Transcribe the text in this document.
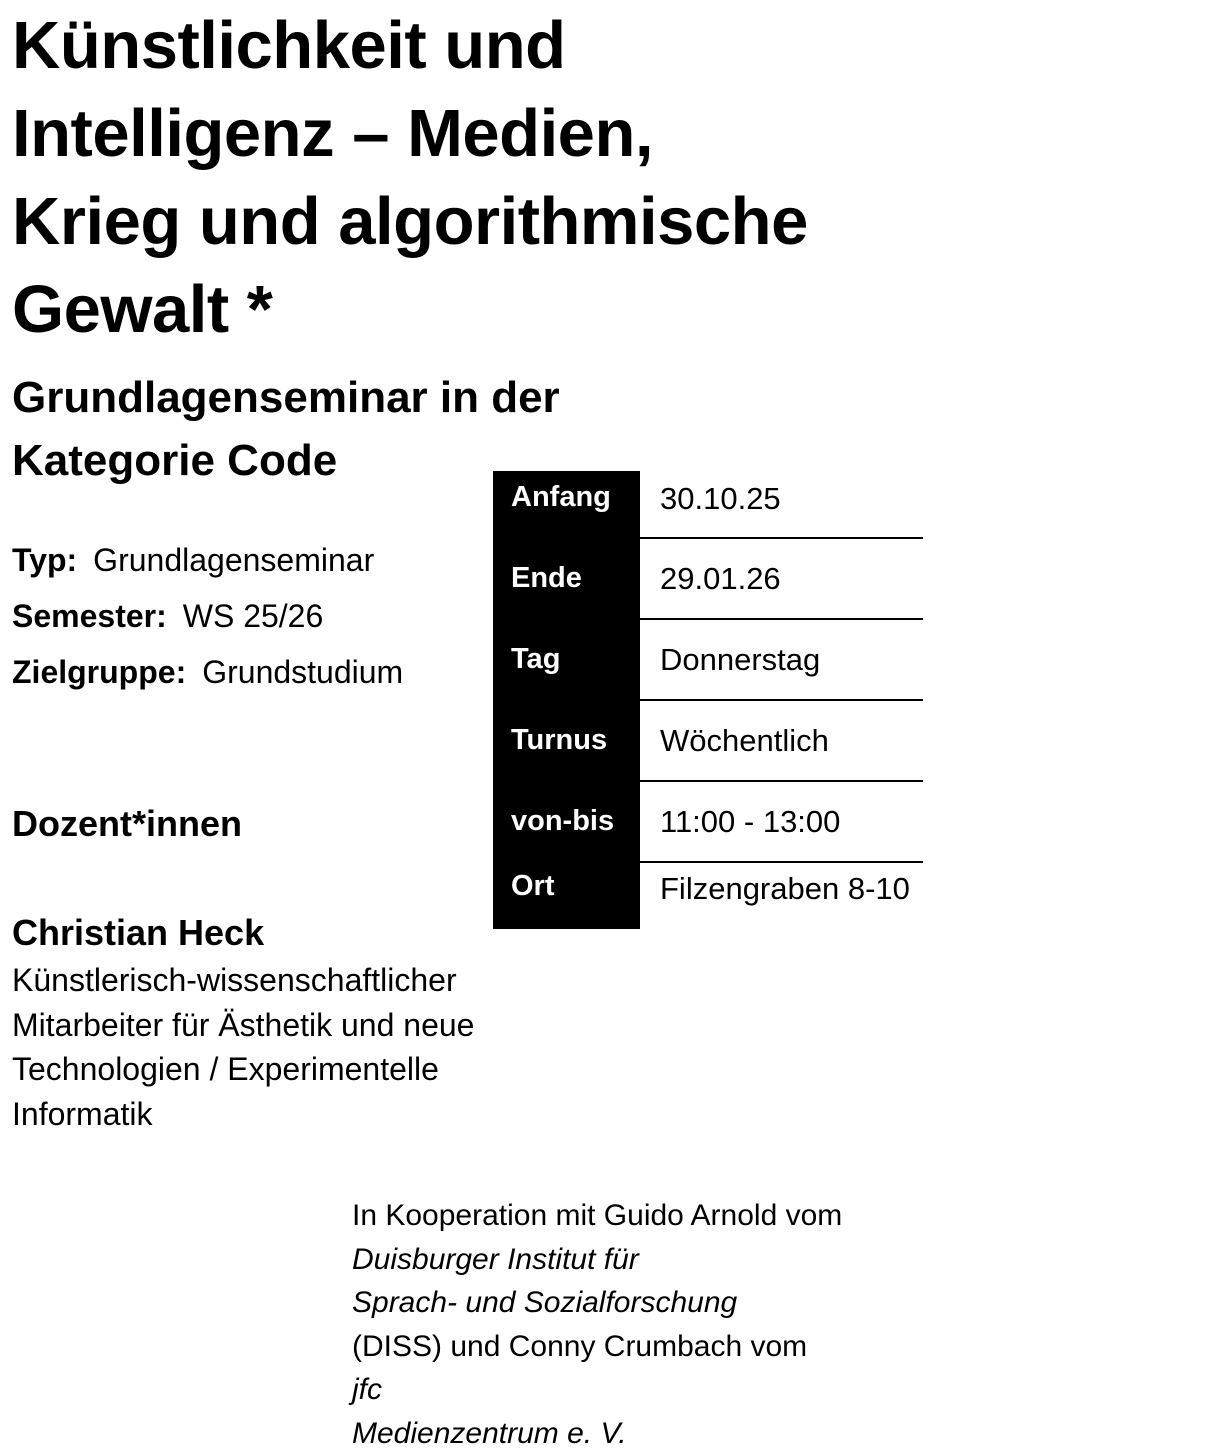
Künstlichkeit und
Intelligenz – Medien,
Krieg und algorithmische
Gewalt *
Grundlagenseminar in der
Kategorie Code
Typ: Grundlagenseminar
Semester: WS 25/26
Zielgruppe: Grundstudium
Anfang	30.10.25
Ende	29.01.26
Tag	Donnerstag
Turnus	Wöchentlich
von-bis	11:00 - 13:00
Ort	Filzengraben 8-10
Dozent*innen
Christian Heck
Künstlerisch-wissenschaftlicher
Mitarbeiter für Ästhetik und neue
Technologien / Experimentelle
Informatik

In Kooperation mit Guido Arnold vom
Duisburger Institut für
Sprach- und Sozialforschung
(DISS) und Conny Crumbach vom
jfc
Medienzentrum e. V.
